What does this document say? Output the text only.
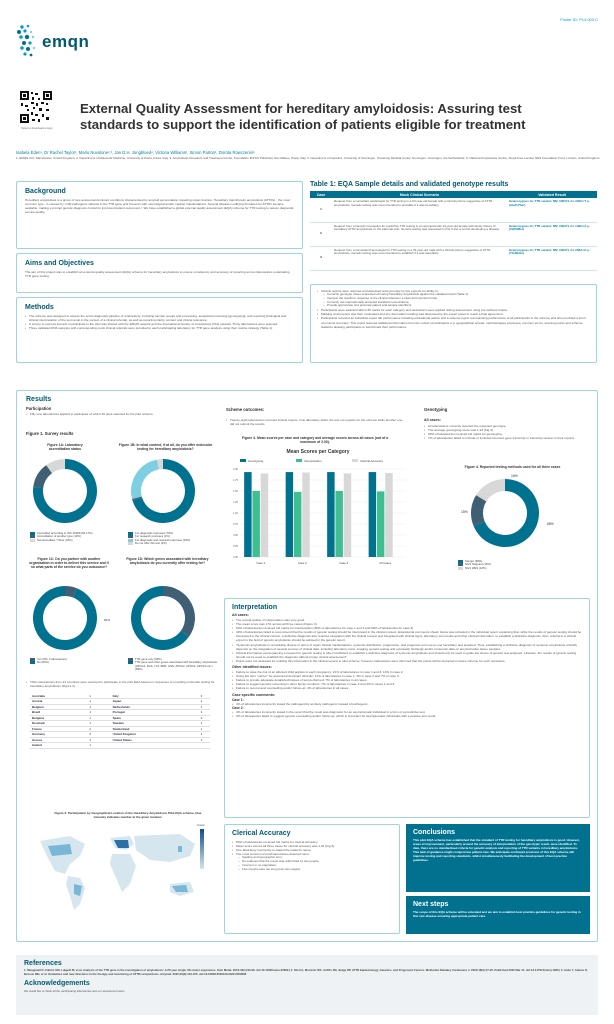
Poster ID: P14.003.C
emqn
Scan to download a copy
External Quality Assessment for hereditary amyloidosis: Assuring test standards to support the identification of patients eligible for treatment
Isabela Eden¹, Dr Rachel Taylor¹, Mario Nuvolone²,³, Jan D.H. Jongbloed⁴, Victoria Williams¹, Simon Parton¹, Dorota Rowczenio⁵
1. EMQN CIC, Manchester, United Kingdom. 2. Department of Molecular Medicine, University of Pavia, Pavia, Italy. 3. Amyloidosis Research and Treatment Center, Foundation IRCCS Policlinico San Matteo, Pavia, Italy. 4. Department of Genetics, University of Groningen, University Medical Center Groningen, Groningen, the Netherlands. 5. National Amyloidosis Centre, Royal Free London NHS Foundation Trust, London, United Kingdom.
Background
Hereditary amyloidosis is a group of rare autosomal dominant conditions characterised by amyloid accumulation impairing organ function. Hereditary transthyretin amyloidosis (ATTRv) - the most common type - is caused by >100 pathogenic variants in the TTR gene and presents with neurological and/or cardiac manifestations. Several disease modifying therapies for ATTRv became available, making a prompt genetic diagnosis crucial for improved patient outcomes¹,². We have established a global external quality assessment (EQA) scheme for TTR testing to assure diagnostic service quality.
Aims and Objectives
The aim of this project was to establish an external quality assessment (EQA) scheme for hereditary amyloidosis to ensure consistency and accuracy of reporting across laboratories undertaking TTR gene testing.
Methods
• The scheme was designed to assess the entire diagnostic pipeline of a laboratory, including sample receipt and processing, analytical processing (genotyping), and reporting (biological and clinical interpretation of the test result in the context of a clinical referral), as well as reporting clarity, content and clinical relevance.
• A survey to express interest to participate in the pilot was shared with the EMQN network and the International Society of Amyloidosis (ISA) network. Thirty laboratories were selected.
• Three validated DNA samples with corresponding mock clinical referrals were provided to each participating laboratory for TTR gene analysis using their routine strategy (Table 1).
Table 1: EQA Sample details and validated genotype results
Case	Mock Clinical Scenario	Validated Result
1	Request from a consultant cardiologist for TTR testing in a 63-year-old female with a clinical picture suggestive of ATTR amyloidosis. Genetic testing was recommended to elucidate if it was hereditary.	Heterozygous for TTR variant: NM_000371.4:c.349G>T p.(Ala117Ser)
2	Request from a Genetic Counsellor for predictive TTR testing in an asymptomatic 34-year-old female with family history of hereditary ATTR amyloidosis on the paternal side. Genetic testing was requested to find if she is at risk developing a disease.	Heterozygous for TTR variant: NM_000371.4:c.148G>A p.(Val50Met)
3	Request from a Consultant Neurologist for TTR testing in a 79-year-old male with a clinical picture suggestive of ATTR amyloidosis. Genetic testing was recommended to establish if it was hereditary.	Heterozygous for TTR variant: NM_000371.4:c.238A>G p.(Thr80Ala)
• Clinical reports were returned and assessed anonymously by two experts for ability to:
– Correctly genotype cases suspected of having hereditary amyloidosis against the validated result (Table 1),
– Interpret the results in response to the clinical referral in a clear and concise format,
– Correctly use internationally accepted standard nomenclature,
– Provide appropriate and accurate patient and sample identifiers.
• Participants were awarded with 0-30 marks for each category and deductions were applied during assessment using pre-defined criteria.
• Marking of all reports was then moderated and any discordant marking was discussed by the expert panel to reach a final agreement.
• Participants received an individual expert lab performance including educational advice and a scheme report summarising performance of all participants in the scheme and also provided a short comments summary. This report featured additional information from the cohort of participants e.g. geographical spread, methodologies employed, common errors, learning points and scheme statistics allowing participants to benchmark their performance.
Results
Participation
• Fifty-one laboratories applied to participate of which 30 were selected for the pilot scheme.
Figure 1. Survey results
Figure 1A: Laboratory accreditation status
Accredited according to ISO 15189 (52.17%)
Accreditation of another type (13%)
Not accredited / Other (10%)
Figure 1B: In what context, if at all, do you offer molecular testing for hereditary amyloidosis?
For diagnostic purposes (70%)
For research purposes (1%)
For diagnostic and research purposes (16%)
Do not offer this test (3%)
Figure 1C: Do you partner with another organisation in order to deliver this service and if so what parts of the service do you outsource?
94%
Yes (6%: 2 laboratories)
No (94%)
Figure 1D: Which genes associated with hereditary amyloidosis do you currently offer testing for?
TTR gene only (35%)
TTR gene and other genes associated with hereditary amyloidosis (APOA1, FGA, LYZ, B2M, GSN, APOA2, APOC2, APOC3 etc.) (65%)
• Thirty laboratories from 21 countries were selected to participate in the pilot EQA based on responses of providing molecular testing for hereditary amyloidosis (Figure 2).
Australia	1		Italy	3
Austria	1		Japan	1
Belgium	1		Netherlands	1
Brazil	1		Portugal	3
Bulgaria	1		Spain	3
Denmark	1		Sweden	1
France	2		Switzerland	1
Germany	3		United Kingdom	1
Greece	1		United States	1
Ireland	1			
Figure 2: Participation by Geographical Location of the Hereditary Amyloidosis Pilot EQA scheme, blue intensity indicates number at the given location.
Count
Scheme outcomes:
• Twenty-eight laboratories returned clinical reports. One laboratory did/or the test not register for the scheme while another one did not submit the results.
Figure 3. Mean scores per case and category and average scores across all cases (out of a maximum of 2.00).
Mean Scores per Category
Genotyping	Interpretation	Clerical Accuracy
0.00
0.25
0.50
0.75
1.00
1.25
1.50
1.75
2.00
Case 1	Case 2	Case 3	All Cases
Genotyping
All cases:
• All laboratories correctly reported the expected genotype.
• The average genotyping score was 1.93 (Fig.3).
• 90% of laboratories received full marks for genotyping.
• 7% of laboratories failed to include or included incorrect gene transcript or transcript version in their reports.
Figure 4. Reported testing methods used for all three cases
68%
15%
16%
Sanger (68%)
NGS Targeted (15%)
NGS WES (16%)
Interpretation
All cases:
• The overall quality of interpretation was very good.
• The mean score was 1.51 across all three cases (Figure 3).
• 60% of laboratories received full marks for interpretation (86% of laboratories for case 1 and 3 and 69% of laboratories for case 3).
• 49% of laboratories failed to recommend that the results of genetic testing should be interpreted in the clinical context. Educational comments shown below was included in the individual report explaining that, while the results of genetic testing should be interpreted in the clinical context, a definitive diagnosis also requires integration with the clinical context and integrated with clinical signs, laboratory test results and other clinical information, to establish a definitive diagnosis. Also, referral to a clinical expert in the field of genetic amyloidosis should be advised in the genetic report.
• "Systemic amyloidosis is remarkably diverse in terms of organ clinical manifestations, systemic distribution, progression, and prognosis and one-to-one hereditary and acquired. Thus, establishing a definitive diagnosis of systemic amyloidosis critically depends on the integration of several sources of clinical data, including laboratory tests, imaging, genetic testing and eventually histologic and/or proteomic data on amyloid laden tissue samples.
• Clinical information accompanying a request for genetic testing is often insufficient to establish a definitive diagnosis of systemic amyloidosis and should only be used to guide the choice of genetic test analysed. Likewise, the results of genetic testing should not be used to establish the diagnosis without proper clinical assessment".
• Points were not deducted for omitting this information in the clinical reports in pilot scheme, however, laboratories were informed that the points will be deducted in future scheme for such omissions.
Other identified issues:
• Failure to state the risk of an affected child applies to each pregnancy: 21% of laboratories in case 1 and 3; 14% in case 2.
• Using the term "carrier" for autosomal dominant disorder: 11% of laboratories in case 1, 4% in case 2 and 7% in case 3.
• Failure to provide adequate details/techniques of test performed: 7% of laboratories in all cases.
• Failure to suggest genetic screening in other family members: 7% of laboratories in case 2 and 4% in cases 1 and 3.
• Failure to recommend counselling and/or follow-up: 4% of laboratories in all cases.
Case specific comments:
Case 1:
• 4% of laboratories incorrectly stated the pathogenicity as likely pathogenic instead of pathogenic.
Case 2:
• 4% of laboratories incorrectly stated in the report that the result was diagnostic for an asymptomatic individual in a form of a predictive test.
• 4% of laboratories failed to suggest genetic counselling and/or follow-up, which is important for asymptomatic individuals with a positive test result.
Clerical Accuracy
• 83% of laboratories received full marks for clerical accuracy.
• Mean score across all three cases for clerical accuracy was 1.91 (Fig.3).
• One laboratory incorrectly re-stated the patient's name.
• The most common errors/inaccuracies detected were:
– Spelling and typographic error,
– No evidence that the report was authorised by two people,
– Incorrect or no pagination,
– Five reports were too long (over two pages).
Conclusions
This pilot EQA scheme has established that the standard of TTR testing for hereditary amyloidosis is good. However, areas of improvement, particularly around the accuracy of interpretation of the genotypic result, were identified. To date, there are no standardised criteria for genetic analysis and reporting of TTR variants in hereditary amyloidosis. This lack of guidance might compromise patient care. We anticipate continued provision of this EQA scheme will improve testing and reporting standards, whilst simultaneously facilitating the development of best practice guidelines.
Next steps
The scope of this EQA scheme will be extended and we aim to establish best practice guidelines for genetic testing in this rare disease ensuring appropriate patient care.
References
1. Manganelli F, Fabrizi GM, Luigetti M, et al. Analysis of the TTR gene in the investigation of amyloidosis: A 25-year single UK center experience. Hum Mutat. 2019;40(1):90-96. doi:10.1002/humu.23669 | 2. Obi CA, Mostertz WC, Griffin JM, Judge DP. ATTR Epidemiology, Genetics, and Prognostic Factors. Methodist Debakey Cardiovasc J. 2022;18(2):17-26. Published 2022 Mar 14. doi:10.14797/mdcvj.1066 | 3. Ando Y, Adams D, Benson MD, et al. Guidelines and new directions in the therapy and monitoring of ATTRv amyloidosis. Amyloid. 2022;29(3):143-155. doi:10.1080/13506129.2022.2052838
Acknowledgements
We would like to thank all the participating laboratories and our assessment team.
